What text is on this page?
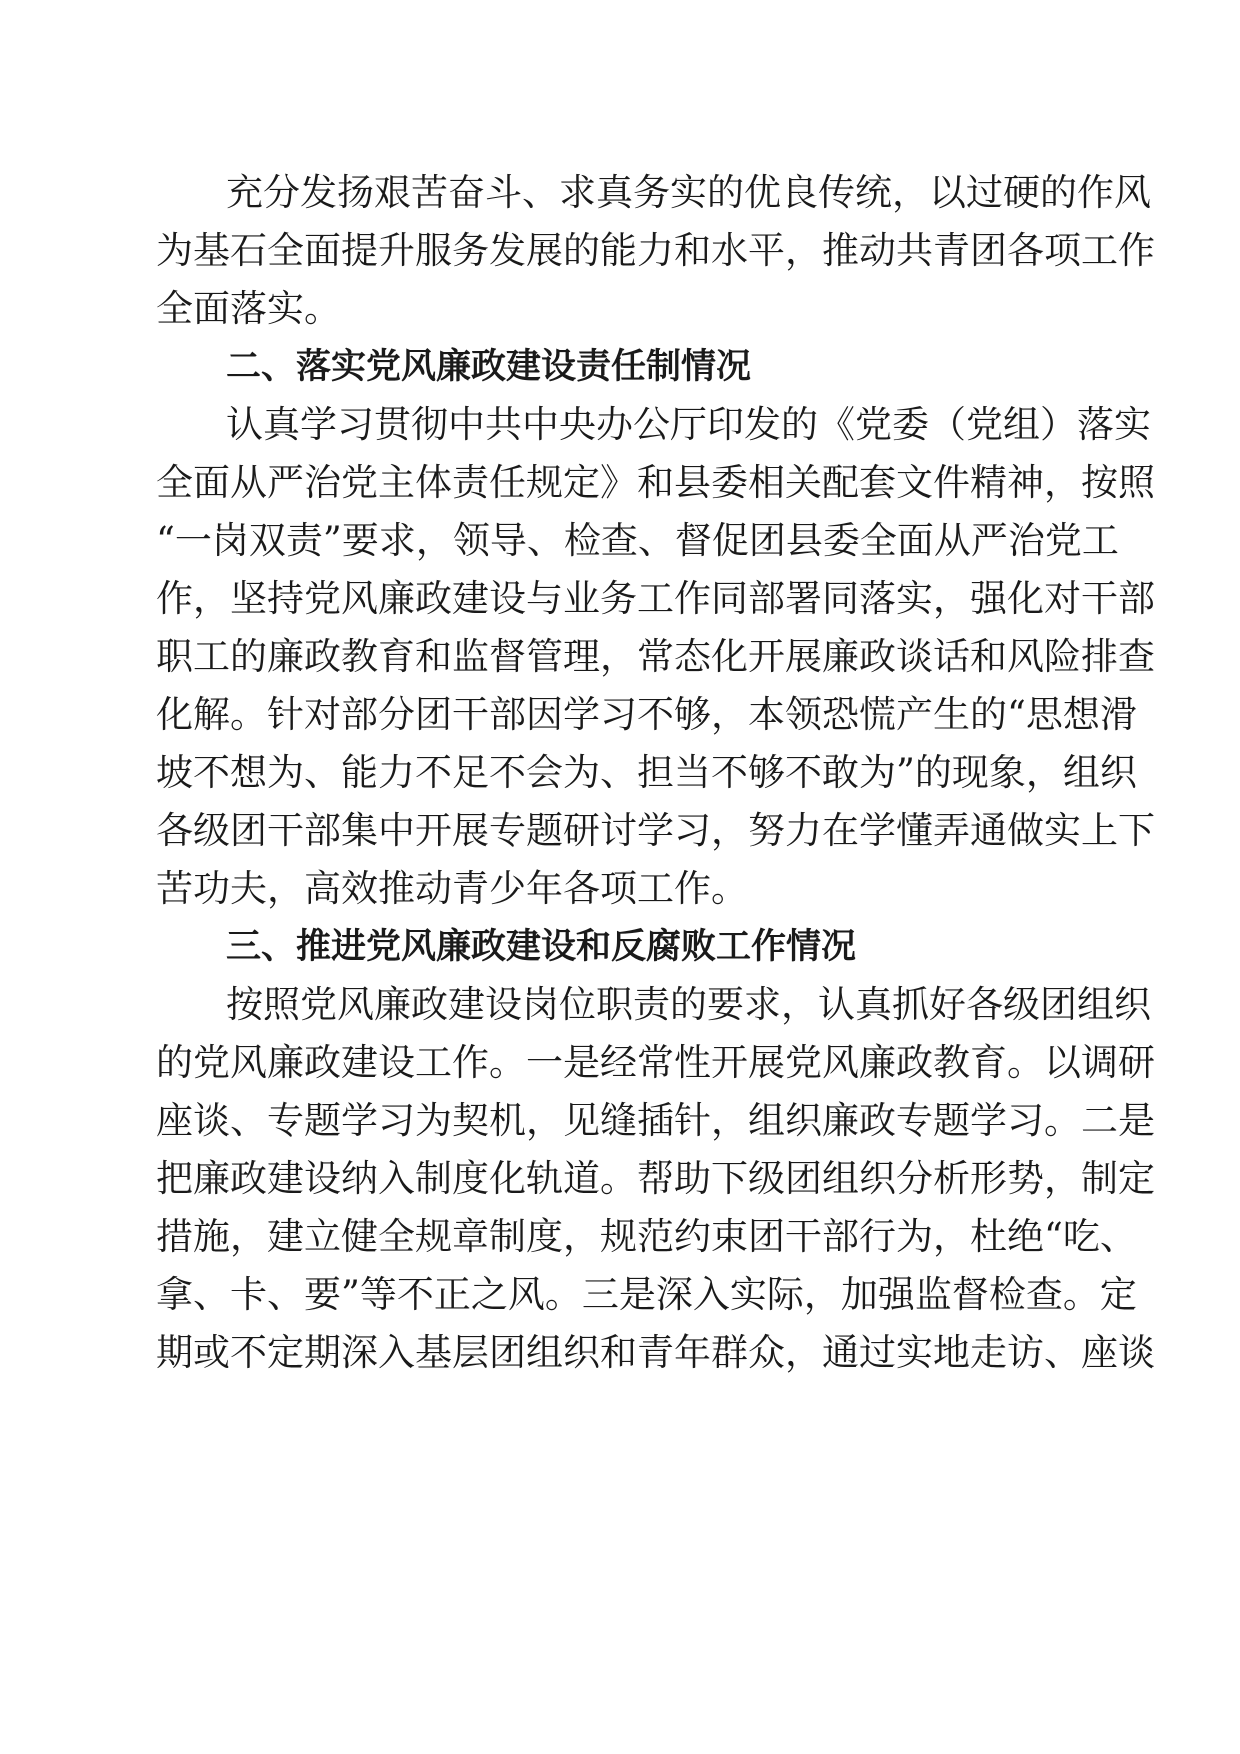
充分发扬艰苦奋斗、求真务实的优良传统，以过硬的作风
为基石全面提升服务发展的能力和水平，推动共青团各项工作
全面落实。
二、落实党风廉政建设责任制情况
认真学习贯彻中共中央办公厅印发的《党委（党组）落实
全面从严治党主体责任规定》和县委相关配套文件精神，按照
“一岗双责”要求，领导、检查、督促团县委全面从严治党工
作，坚持党风廉政建设与业务工作同部署同落实，强化对干部
职工的廉政教育和监督管理，常态化开展廉政谈话和风险排查
化解。针对部分团干部因学习不够，本领恐慌产生的“思想滑
坡不想为、能力不足不会为、担当不够不敢为”的现象，组织
各级团干部集中开展专题研讨学习，努力在学懂弄通做实上下
苦功夫，高效推动青少年各项工作。
三、推进党风廉政建设和反腐败工作情况
按照党风廉政建设岗位职责的要求，认真抓好各级团组织
的党风廉政建设工作。一是经常性开展党风廉政教育。以调研
座谈、专题学习为契机，见缝插针，组织廉政专题学习。二是
把廉政建设纳入制度化轨道。帮助下级团组织分析形势，制定
措施，建立健全规章制度，规范约束团干部行为，杜绝“吃、
拿、卡、要”等不正之风。三是深入实际，加强监督检查。定
期或不定期深入基层团组织和青年群众，通过实地走访、座谈
